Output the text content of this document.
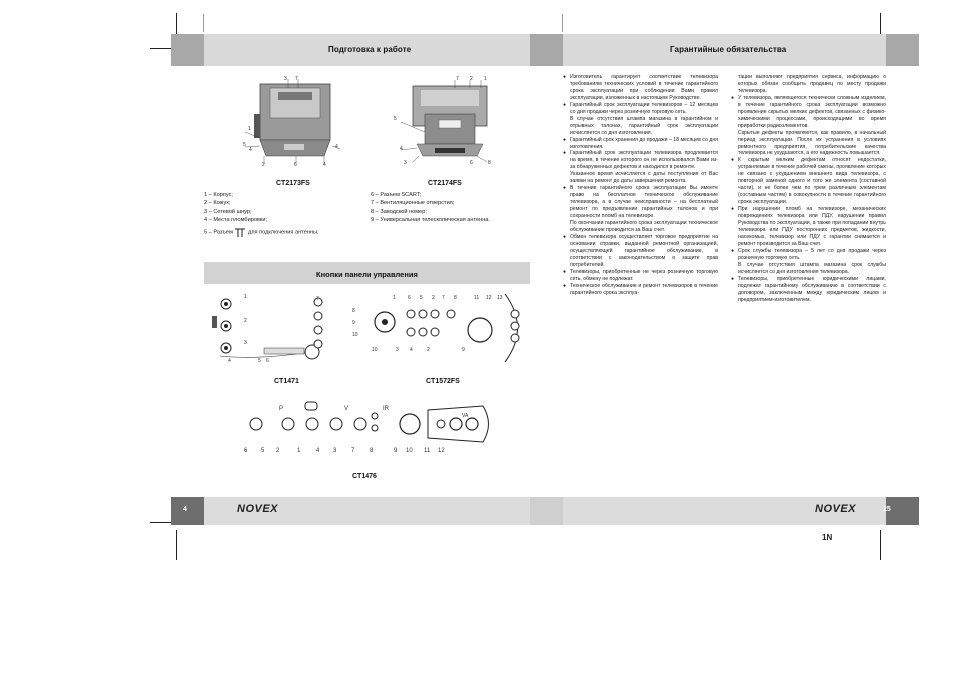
Подготовка к работе	Гарантийные обязательства
3 7
1
5
4	4
2	6	4
CT2173FS
7 2 1
5
4
3	6	8
CT2174FS
1 – Корпус;
2 – Кожух;
3 – Сетевой шнур;
4 – Места пломбировки;
5 – Разъем	для подключения антенны;
6 – Разъем SCART;
7 – Вентиляционные отверстия;
8 – Заводской номер;
9 – Универсальная телескопическая антенна.
Кнопки панели управления
1
2
3
4	5 6
7
8
9
10
CT1471
1 6 5 2 7 8	11 12 13
10	3 4	2	9
CT1572FS
P	V	IR
VA
6 5 2	1	4 3 7	8	9 10 11 12
CT1476

● Изготовитель гарантирует соответствие телевизора требованиям технических условий в течение гарантийного срока эксплуатации при соблюдении Вами правил эксплуатации, изложенных в настоящем Руководстве.

● Гарантийный срок эксплуатации телевизоров – 12 месяцев со дня продажи через розничную торговую сеть.

В случае отсутствия штампа магазина в гарантийном и отрывных талонах, гарантийный срок эксплуатации исчисляется со дня изготовления.

● Гарантийный срок хранения до продажи – 18 месяцев со дня изготовления.

● Гарантийный срок эксплуатации телевизора продлевается на время, в течение которого он не использовался Вами из-за обнаруженных дефектов и находился в ремонте.

Указанное время исчисляется с даты поступления от Вас заявки на ремонт до даты завершения ремонта.

● В течение гарантийного срока эксплуатации Вы имеете право на бесплатное техническое обслуживание телевизора, а в случае неисправности – на бесплатный ремонт по предъявлении гарантийных талонов и при сохранности пломб на телевизоре.

По окончании гарантийного срока эксплуатации техническое обслуживание проводится за Ваш счет.

● Обмен телевизора осуществляет торговое предприятие на основании справки, выданной ремонтной организацией, осуществляющей гарантийное обслуживание, в соответствии с законодательством о защите прав потребителей.

● Телевизоры, приобретенные не через розничную торговую сеть, обмену не подлежат.

● Техническое обслуживание и ремонт телевизоров в течение гарантийного срока эксплуа-

тации выполняют предприятия сервиса, информацию о которых обязан сообщить продавец по месту продажи телевизора.

● У телевизора, являющегося технически сложным изделием, в течение гарантийного срока эксплуатации возможно проявление скрытых мелких дефектов, связанных с физико-химическими процессами, происходящими во время приработки радиоэлементов.

Скрытые дефекты проявляются, как правило, в начальный период эксплуатации. После их устранения в условиях ремонтного предприятия, потребительские качества телевизора не ухудшаются, а его надежность повышается.

● К скрытым мелким дефектам относят недостатки, устраняемые в течение рабочей смены, проявление которых не связано с ухудшением внешнего вида телевизора, с повторной заменой одного и того же элемента (составной части), и не более чем по трем различным элементам (составным частям) в совокупности в течение гарантийного срока эксплуатации.

● При нарушении пломб на телевизоре, механических повреждениях телевизора или ПДУ, нарушении правил Руководства по эксплуатации, а также при попадании внутрь телевизора или ПДУ посторонних предметов, жидкости, насекомых, телевизор или ПДУ с гарантии снимается и ремонт производится за Ваш счет.

● Срок службы телевизора – 5 лет со дня продажи через розничную торговую сеть.

В случае отсутствия штампа магазина срок службы исчисляется со дня изготовления телевизора.

● Телевизоры, приобретенные юридическими лицами, подлежат гарантийному обслуживанию в соответствии с договором, заключенным между юридическим лицом и предприятием-изготовителем.

4	NOVEX	NOVEX	25
1N
